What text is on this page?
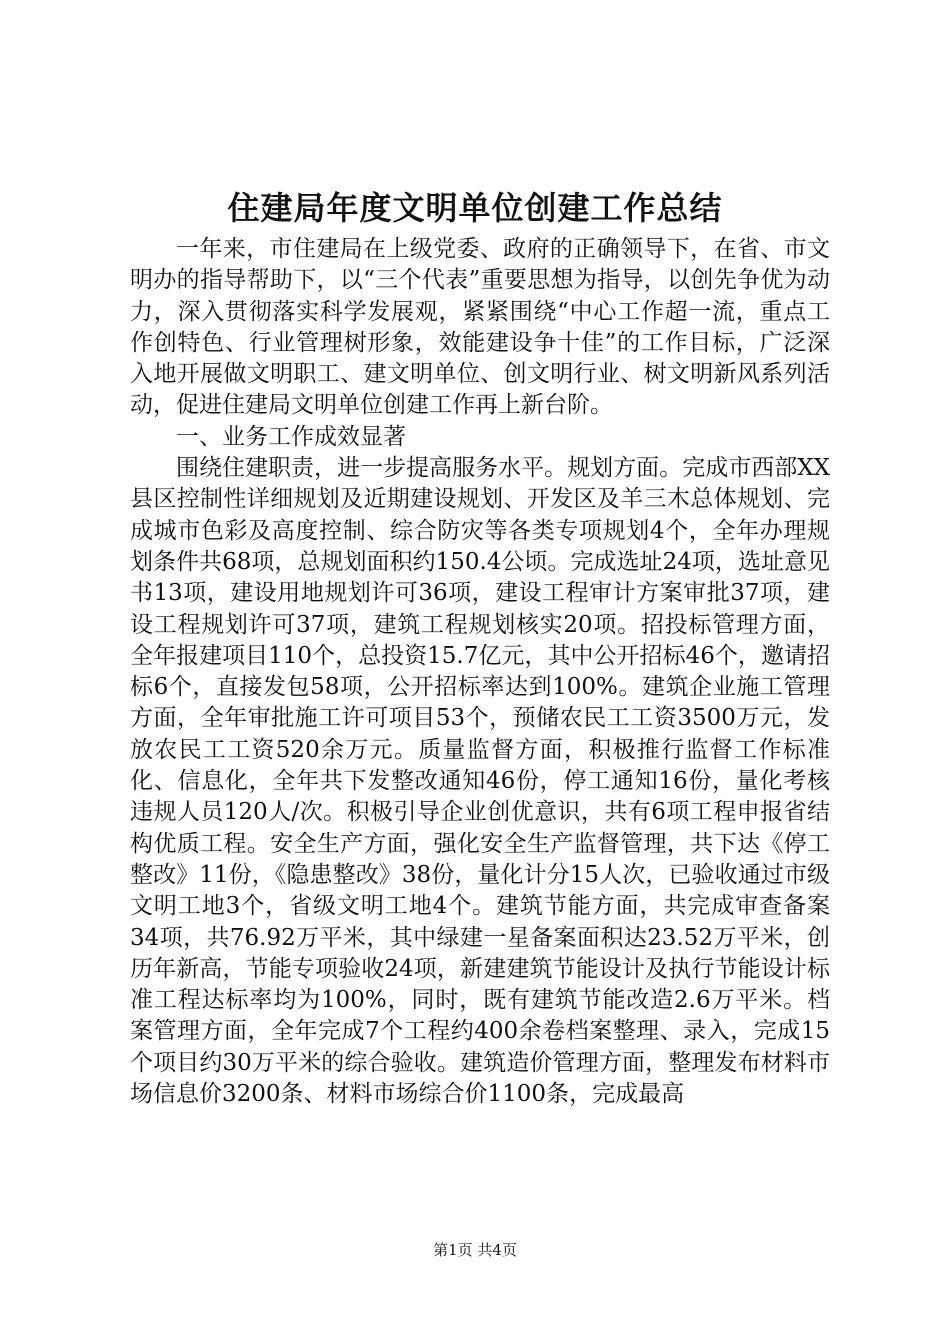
住建局年度文明单位创建工作总结

一年来，市住建局在上级党委、政府的正确领导下，在省、市文明办的指导帮助下，以“三个代表”重要思想为指导，以创先争优为动力，深入贯彻落实科学发展观，紧紧围绕“中心工作超一流，重点工作创特色、行业管理树形象，效能建设争十佳”的工作目标，广泛深入地开展做文明职工、建文明单位、创文明行业、树文明新风系列活动，促进住建局文明单位创建工作再上新台阶。

一、业务工作成效显著

围绕住建职责，进一步提高服务水平。规划方面。完成市西部XX县区控制性详细规划及近期建设规划、开发区及羊三木总体规划、完成城市色彩及高度控制、综合防灾等各类专项规划4个，全年办理规划条件共68项，总规划面积约150.4公顷。完成选址24项，选址意见书13项，建设用地规划许可36项，建设工程审计方案审批37项，建设工程规划许可37项，建筑工程规划核实20项。招投标管理方面，全年报建项目110个，总投资15.7亿元，其中公开招标46个，邀请招标6个，直接发包58项，公开招标率达到100%。建筑企业施工管理方面，全年审批施工许可项目53个，预储农民工工资3500万元，发放农民工工资520余万元。质量监督方面，积极推行监督工作标准化、信息化，全年共下发整改通知46份，停工通知16份，量化考核违规人员120人/次。积极引导企业创优意识，共有6项工程申报省结构优质工程。安全生产方面，强化安全生产监督管理，共下达《停工整改》11份，《隐患整改》38份，量化计分15人次，已验收通过市级文明工地3个，省级文明工地4个。建筑节能方面，共完成审查备案34项，共76.92万平米，其中绿建一星备案面积达23.52万平米，创历年新高，节能专项验收24项，新建建筑节能设计及执行节能设计标准工程达标率均为100%，同时，既有建筑节能改造2.6万平米。档案管理方面，全年完成7个工程约400余卷档案整理、录入，完成15个项目约30万平米的综合验收。建筑造价管理方面，整理发布材料市场信息价3200条、材料市场综合价1100条，完成最高

第1页 共4页
